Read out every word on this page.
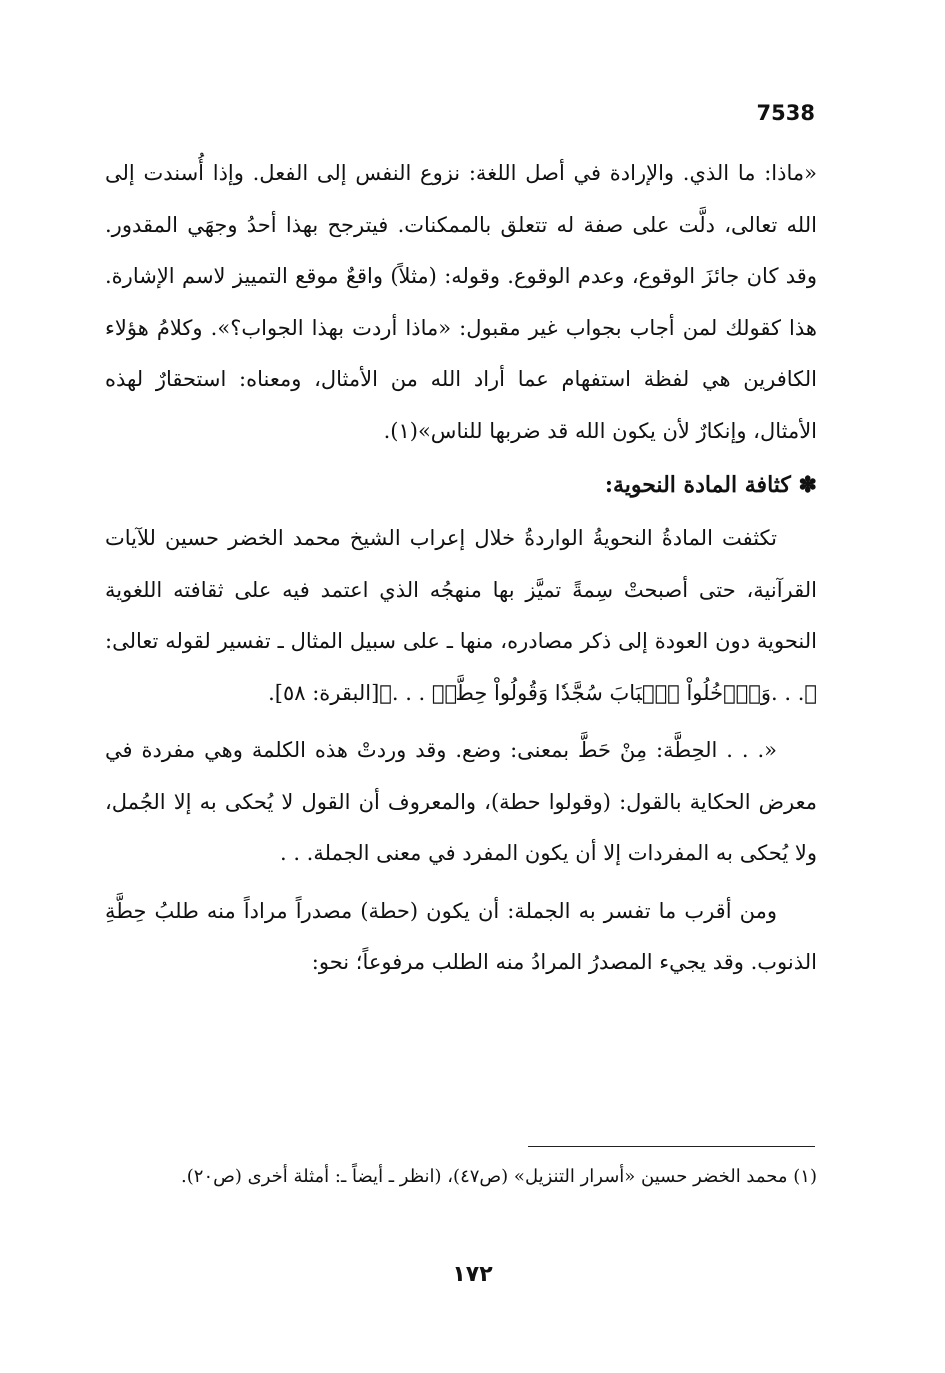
7538

«ماذا: ما الذي. والإرادة في أصل اللغة: نزوع النفس إلى الفعل. وإذا أُسندت إلى الله تعالى، دلَّت على صفة له تتعلق بالممكنات. فيترجح بهذا أحدُ وجهَي المقدور. وقد كان جائزَ الوقوع، وعدم الوقوع. وقوله: (مثلاً) واقعٌ موقع التمييز لاسم الإشارة. هذا كقولك لمن أجاب بجواب غير مقبول: «ماذا أردت بهذا الجواب؟». وكلامُ هؤلاء الكافرين هي لفظة استفهام عما أراد الله من الأمثال، ومعناه: استحقارٌ لهذه الأمثال، وإنكارٌ لأن يكون الله قد ضربها للناس»(١).

✽ كثافة المادة النحوية:

تكثفت المادةُ النحويةُ الواردةُ خلال إعراب الشيخ محمد الخضر حسين للآيات القرآنية، حتى أصبحتْ سِمةً تميَّز بها منهجُه الذي اعتمد فيه على ثقافته اللغوية النحوية دون العودة إلى ذكر مصادره، منها ـ على سبيل المثال ـ تفسير لقوله تعالى: ﴿. . .وَٱدۡخُلُواْ ٱلۡبَابَ سُجَّدٗا وَقُولُواْ حِطَّةٞ . . .﴾[البقرة: ٥٨].

«. . . الحِطَّة: مِنْ حَطَّ بمعنى: وضع. وقد وردتْ هذه الكلمة وهي مفردة في معرض الحكاية بالقول: (وقولوا حطة)، والمعروف أن القول لا يُحكى به إلا الجُمل، ولا يُحكى به المفردات إلا أن يكون المفرد في معنى الجملة. . .

ومن أقرب ما تفسر به الجملة: أن يكون (حطة) مصدراً مراداً منه طلبُ حِطَّةِ الذنوب. وقد يجيء المصدرُ المرادُ منه الطلب مرفوعاً؛ نحو:

(١) محمد الخضر حسين «أسرار التنزيل» (ص٤٧)، (انظر ـ أيضاً ـ: أمثلة أخرى (ص٢٠).

١٧٢
